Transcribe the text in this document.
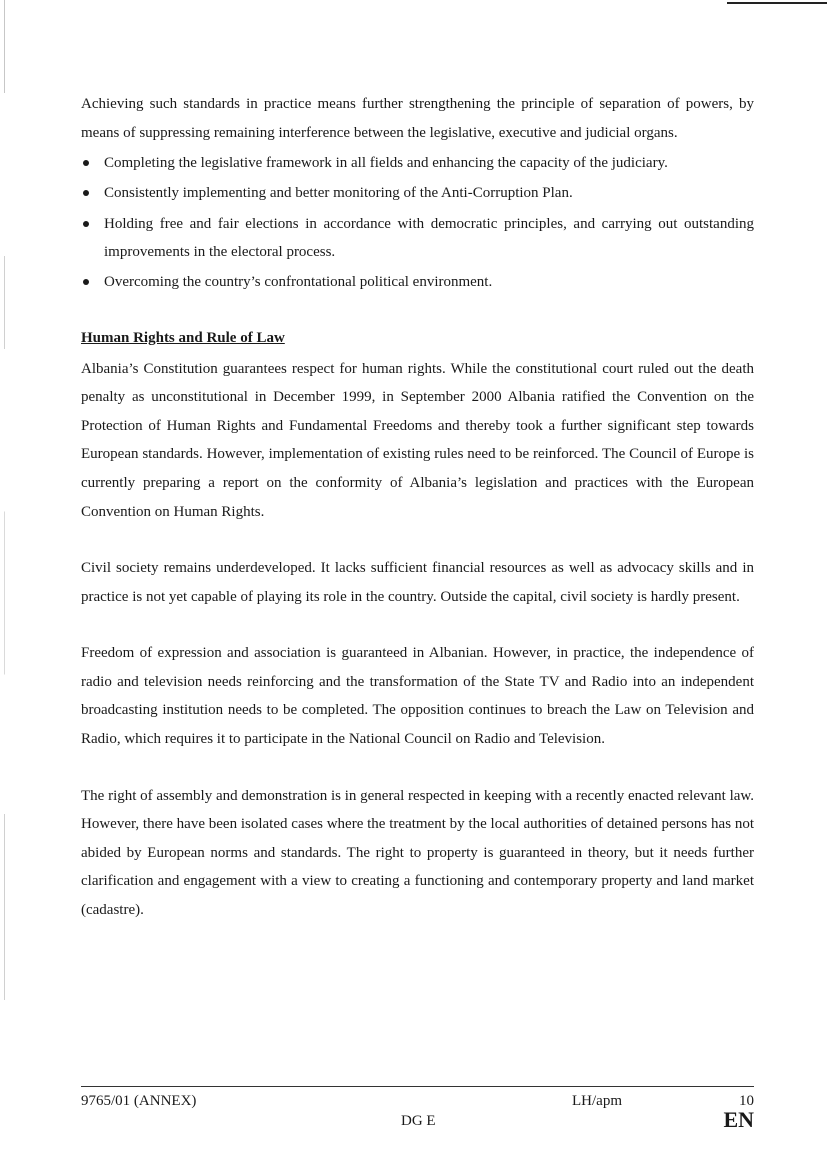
Achieving such standards in practice means further strengthening the principle of separation of powers, by means of suppressing remaining interference between the legislative, executive and judicial organs.

Completing the legislative framework in all fields and enhancing the capacity of the judiciary.
Consistently implementing and better monitoring of the Anti-Corruption Plan.
Holding free and fair elections in accordance with democratic principles, and carrying out outstanding improvements in the electoral process.
Overcoming the country’s confrontational political environment.
Human Rights and Rule of Law

Albania’s Constitution guarantees respect for human rights. While the constitutional court ruled out the death penalty as unconstitutional in December 1999, in September 2000 Albania ratified the Convention on the Protection of Human Rights and Fundamental Freedoms and thereby took a further significant step towards European standards. However, implementation of existing rules need to be reinforced. The Council of Europe is currently preparing a report on the conformity of Albania’s legislation and practices with the European Convention on Human Rights.

Civil society remains underdeveloped. It lacks sufficient financial resources as well as advocacy skills and in practice is not yet capable of playing its role in the country. Outside the capital, civil society is hardly present.

Freedom of expression and association is guaranteed in Albanian. However, in practice, the independence of radio and television needs reinforcing and the transformation of the State TV and Radio into an independent broadcasting institution needs to be completed. The opposition continues to breach the Law on Television and Radio, which requires it to participate in the National Council on Radio and Television.

The right of assembly and demonstration is in general respected in keeping with a recently enacted relevant law. However, there have been isolated cases where the treatment by the local authorities of detained persons has not abided by European norms and standards. The right to property is guaranteed in theory, but it needs further clarification and engagement with a view to creating a functioning and contemporary property and land market (cadastre).

9765/01 (ANNEX)
DG E
LH/apm	10
EN
